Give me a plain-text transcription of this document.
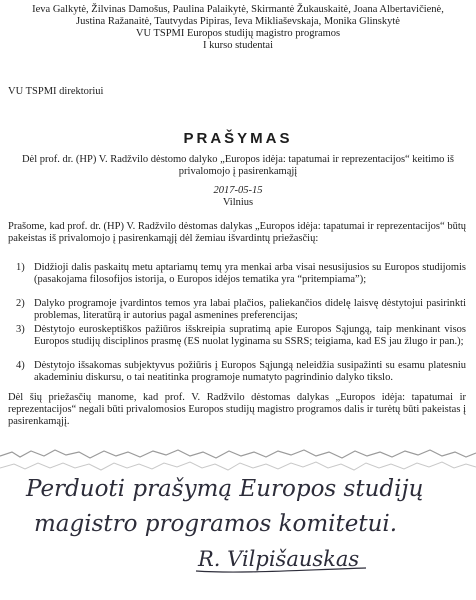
Ieva Galkytė, Žilvinas Damošus, Paulina Palaikytė, Skirmantė Žukauskaitė, Joana Albertavičienė,
Justina Ražanaitė, Tautvydas Pipiras, Ieva Mikliaševskaja, Monika Glinskytė
VU TSPMI Europos studijų magistro programos
I kurso studentai
VU TSPMI direktoriui
PRAŠYMAS
Dėl prof. dr. (HP) V. Radžvilo dėstomo dalyko „Europos idėja: tapatumai ir reprezentacijos“ keitimo iš
privalomojo į pasirenkamąjį
2017-05-15
Vilnius
Prašome, kad prof. dr. (HP) V. Radžvilo dėstomas dalykas „Europos idėja: tapatumai ir reprezentacijos“ būtų pakeistas iš privalomojo į pasirenkamąjį dėl žemiau išvardintų priežasčių:
1) Didžioji dalis paskaitų metu aptariamų temų yra menkai arba visai nesusijusios su Europos studijomis (pasakojama filosofijos istorija, o Europos idėjos tematika yra “pritempiama”);
2) Dalyko programoje įvardintos temos yra labai plačios, paliekančios didelę laisvę dėstytojui pasirinkti problemas, literatūrą ir autorius pagal asmenines preferencijas;
3) Dėstytojo euroskeptiškos pažiūros išskreipia supratimą apie Europos Sąjungą, taip menkinant visos Europos studijų disciplinos prasmę (ES nuolat lyginama su SSRS; teigiama, kad ES jau žlugo ir pan.);
4) Dėstytojo išsakomas subjektyvus požiūris į Europos Sąjungą neleidžia susipažinti su esamu platesniu akademiniu diskursu, o tai neatitinka programoje numatyto pagrindinio dalyko tikslo.
Dėl šių priežasčių manome, kad prof. V. Radžvilo dėstomas dalykas „Europos idėja: tapatumai ir reprezentacijos“ negali būti privalomosios Europos studijų magistro programos dalis ir turėtų būti pakeistas į pasirenkamąjį.
Perduoti prašymą Europos studijų
magistro programos komitetui.
R. Vilpišauskas
